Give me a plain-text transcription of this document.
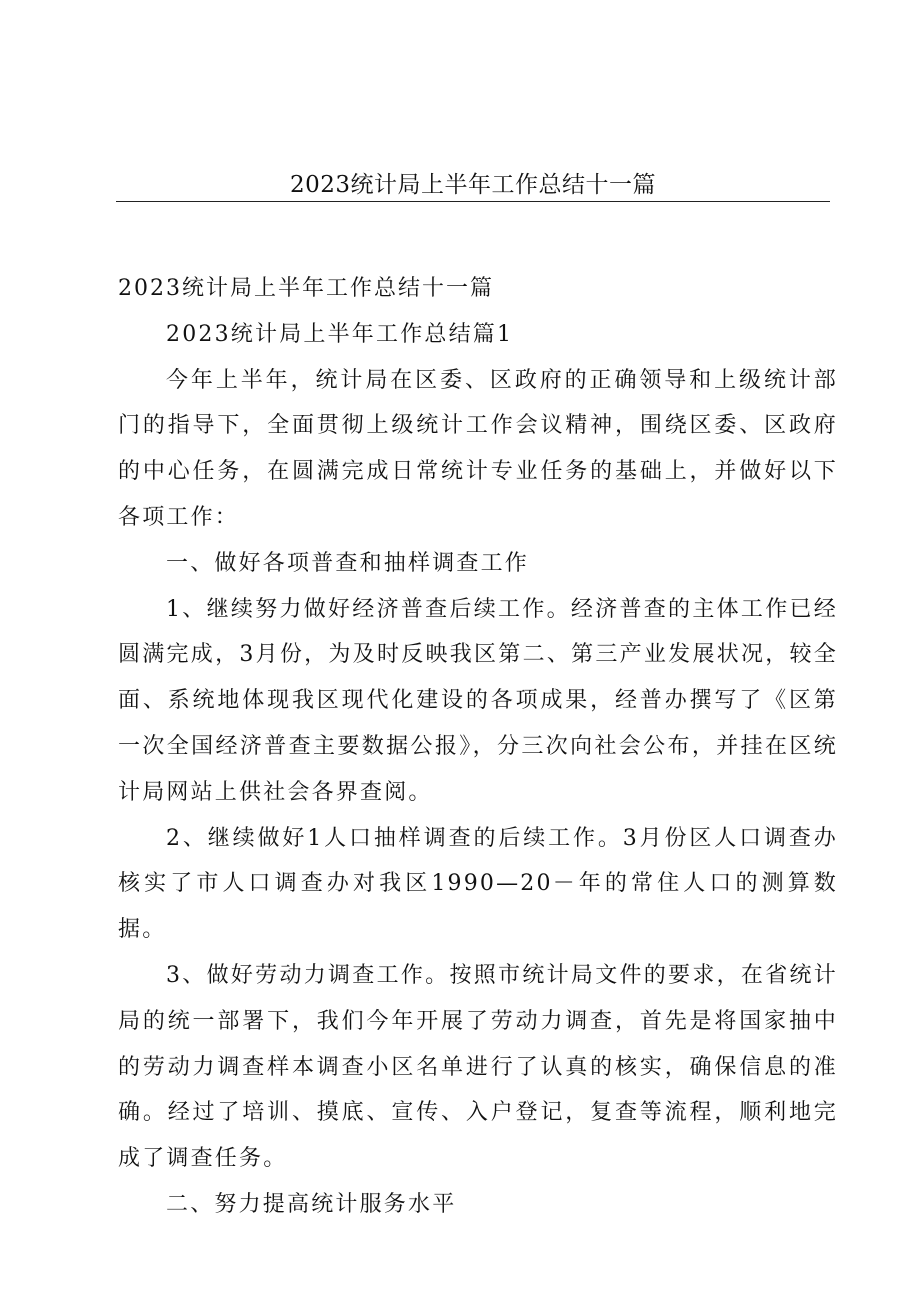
2023统计局上半年工作总结十一篇

2023统计局上半年工作总结十一篇

2023统计局上半年工作总结篇1

今年上半年，统计局在区委、区政府的正确领导和上级统计部门的指导下，全面贯彻上级统计工作会议精神，围绕区委、区政府的中心任务，在圆满完成日常统计专业任务的基础上，并做好以下各项工作：

一、做好各项普查和抽样调查工作

1、继续努力做好经济普查后续工作。经济普查的主体工作已经圆满完成，3月份，为及时反映我区第二、第三产业发展状况，较全面、系统地体现我区现代化建设的各项成果，经普办撰写了《区第一次全国经济普查主要数据公报》，分三次向社会公布，并挂在区统计局网站上供社会各界查阅。

2、继续做好1人口抽样调查的后续工作。3月份区人口调查办核实了市人口调查办对我区1990—20－年的常住人口的测算数据。

3、做好劳动力调查工作。按照市统计局文件的要求，在省统计局的统一部署下，我们今年开展了劳动力调查，首先是将国家抽中的劳动力调查样本调查小区名单进行了认真的核实，确保信息的准确。经过了培训、摸底、宣传、入户登记，复查等流程，顺利地完成了调查任务。

二、努力提高统计服务水平
